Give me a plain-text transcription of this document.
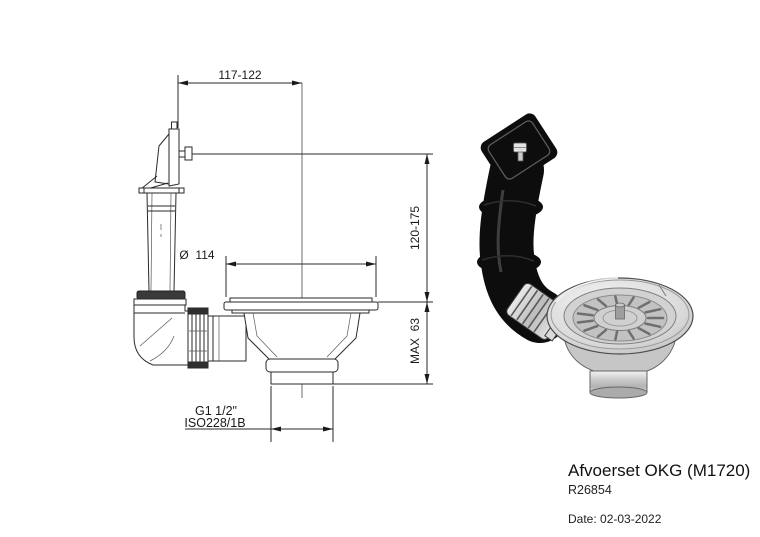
117-122
120-175
MAX  63
Ø  114
G1 1/2"
ISO228/1B
Afvoerset OKG (M1720)
R26854
Date: 02-03-2022
